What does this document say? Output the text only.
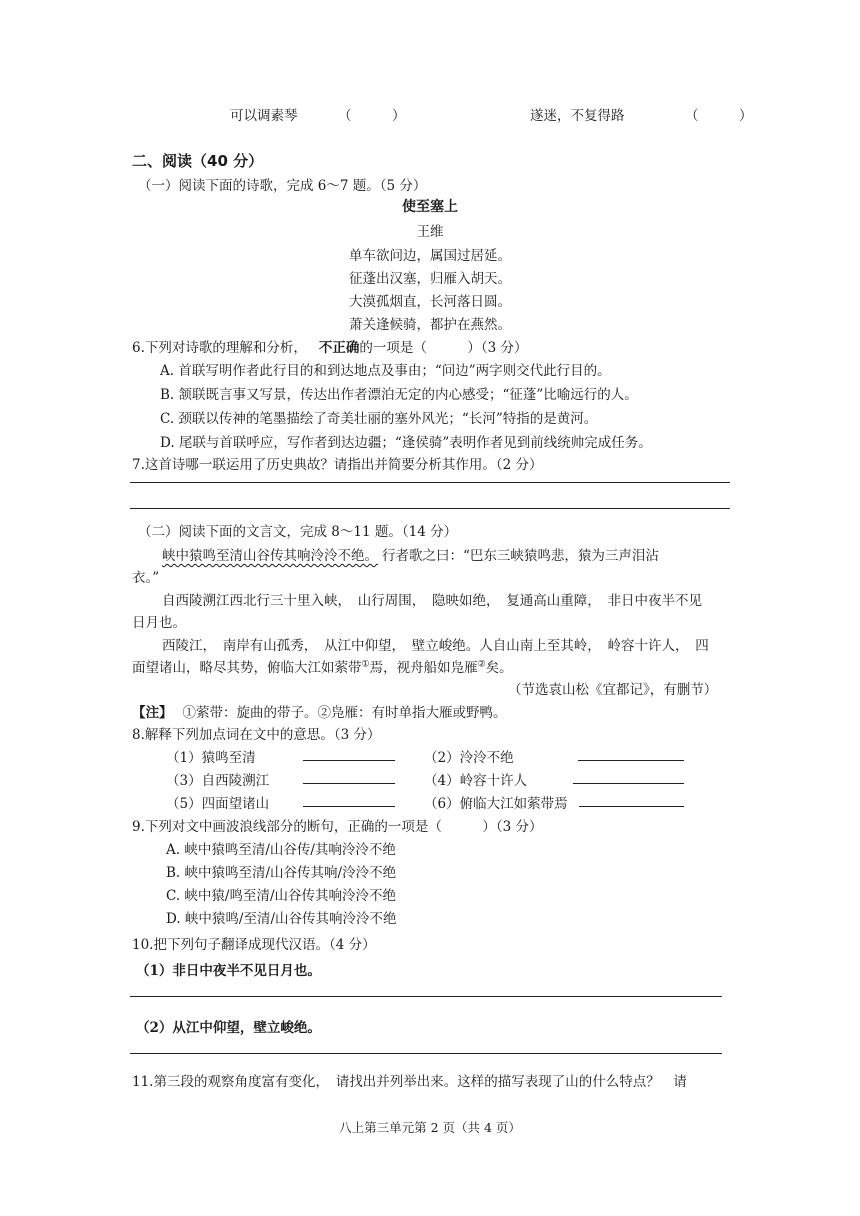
可以调素琴	（　　　）	遂迷，不复得路	（　　　）
二、阅读（40 分）
（一）阅读下面的诗歌，完成 6～7 题。（5 分）
使至塞上
王维
单车欲问边，属国过居延。
征蓬出汉塞，归雁入胡天。
大漠孤烟直，长河落日圆。
萧关逢候骑，都护在燕然。
6.下列对诗歌的理解和分析， 不正确的一项是（　　　）（3 分）
A. 首联写明作者此行目的和到达地点及事由；“问边”两字则交代此行目的。
B. 颔联既言事又写景，传达出作者漂泊无定的内心感受；“征蓬”比喻远行的人。
C. 颈联以传神的笔墨描绘了奇美壮丽的塞外风光；“长河”特指的是黄河。
D. 尾联与首联呼应，写作者到达边疆；“逢侯骑”表明作者见到前线统帅完成任务。
7.这首诗哪一联运用了历史典故？请指出并简要分析其作用。（2 分）
（二）阅读下面的文言文，完成 8～11 题。（14 分）
峡中猿鸣至清山谷传其响泠泠不绝。 行者歌之曰：“巴东三峡猿鸣悲，猿为三声泪沾
衣。”
自西陵溯江西北行三十里入峡，　山行周围，　隐映如绝，　复通高山重障，　非日中夜半不见
日月也。
西陵江，　南岸有山孤秀，　从江中仰望，　壁立峻绝。人自山南上至其岭，　岭容十许人，　四
面望诸山，略尽其势，俯临大江如萦带①焉，视舟船如凫雁②矣。
（节选袁山松《宜都记》，有删节）
【注】 ①萦带：旋曲的带子。②凫雁：有时单指大雁或野鸭。
8.解释下列加点词在文中的意思。（3 分）
（1）猿鸣至清	（2）泠泠不绝
（3）自西陵溯江	（4）岭容十许人
（5）四面望诸山	（6）俯临大江如萦带焉
9.下列对文中画波浪线部分的断句，正确的一项是（　　　）（3 分）
A. 峡中猿鸣至清/山谷传/其响泠泠不绝
B. 峡中猿鸣至清/山谷传其响/泠泠不绝
C. 峡中猿/鸣至清/山谷传其响泠泠不绝
D. 峡中猿鸣/至清/山谷传其响泠泠不绝
10.把下列句子翻译成现代汉语。（4 分）
（1）非日中夜半不见日月也。
（2）从江中仰望，壁立峻绝。
11.第三段的观察角度富有变化，　请找出并列举出来。这样的描写表现了山的什么特点？　请
八上第三单元第 2 页（共 4 页）
